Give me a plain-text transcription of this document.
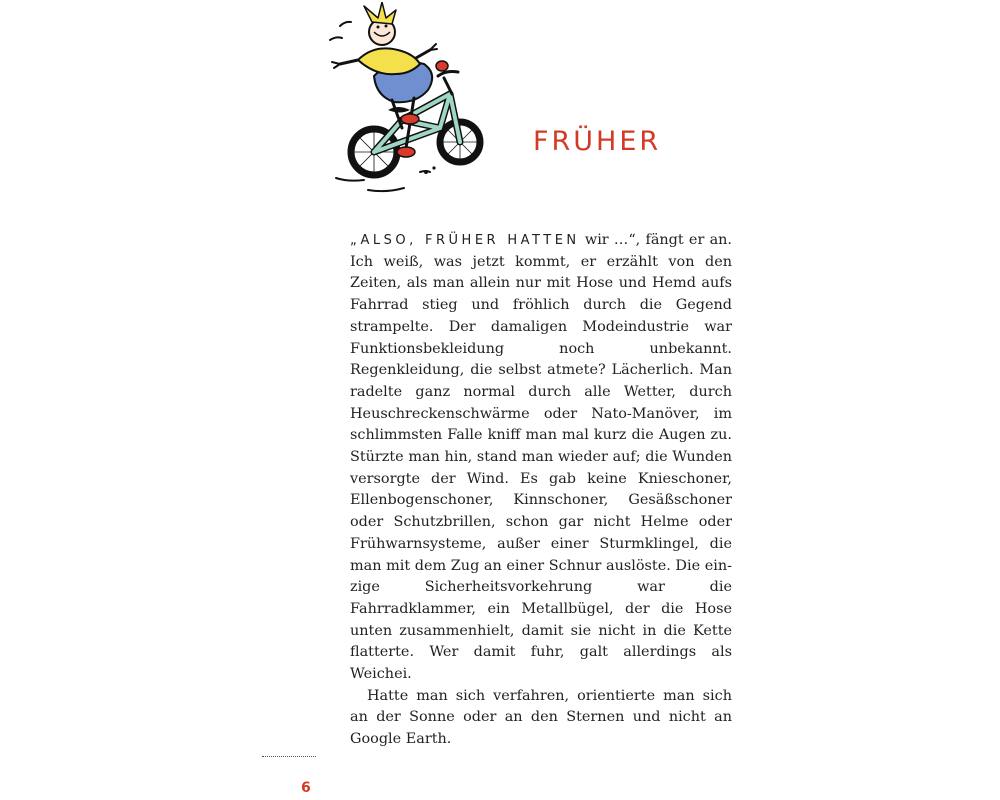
FRÜHER

„ALSO, FRÜHER HATTEN wir …“, fängt er an. Ich weiß, was jetzt kommt, er erzählt von den Zeiten, als man allein nur mit Hose und Hemd aufs Fahrrad stieg und fröhlich durch die Gegend strampelte. Der damaligen Modeindustrie war Funktionsbekleidung noch unbekannt. Regenkleidung, die selbst atmete? Lächerlich. Man radelte ganz normal durch alle Wetter, durch Heuschreckenschwärme oder Nato-Manöver, im schlimmsten Falle kniff man mal kurz die Augen zu. Stürzte man hin, stand man wieder auf; die Wunden versorgte der Wind. Es gab keine Knieschoner, Ellenbogenschoner, Kinnschoner, Gesäßschoner oder Schutzbrillen, schon gar nicht Helme oder Frühwarnsysteme, außer einer Sturmklingel, die man mit dem Zug an einer Schnur auslöste. Die einzige Sicherheitsvorkehrung war die Fahrradklammer, ein Metallbügel, der die Hose unten zusammenhielt, damit sie nicht in die Kette flatterte. Wer damit fuhr, galt allerdings als Weichei.

Hatte man sich verfahren, orientierte man sich an der Sonne oder an den Sternen und nicht an Google Earth.

6
